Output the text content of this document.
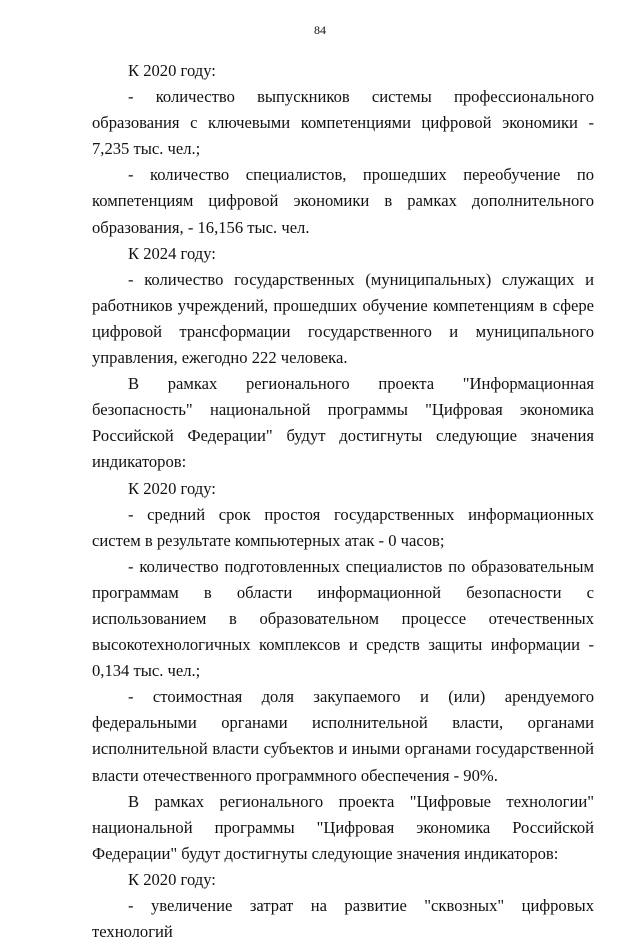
84

К 2020 году:

- количество выпускников системы профессионального образования с ключевыми компетенциями цифровой экономики - 7,235 тыс. чел.;

- количество специалистов, прошедших переобучение по компетенциям цифровой экономики в рамках дополнительного образования, - 16,156 тыс. чел.

К 2024 году:

- количество государственных (муниципальных) служащих и работников учреждений, прошедших обучение компетенциям в сфере цифровой трансформации государственного и муниципального управления, ежегодно 222 человека.

В рамках регионального проекта "Информационная безопасность" национальной программы "Цифровая экономика Российской Федерации" будут достигнуты следующие значения индикаторов:

К 2020 году:

- средний срок простоя государственных информационных систем в результате компьютерных атак - 0 часов;

- количество подготовленных специалистов по образовательным программам в области информационной безопасности с использованием в образовательном процессе отечественных высокотехнологичных комплексов и средств защиты информации - 0,134 тыс. чел.;

- стоимостная доля закупаемого и (или) арендуемого федеральными органами исполнительной власти, органами исполнительной власти субъектов и иными органами государственной власти отечественного программного обеспечения - 90%.

В рамках регионального проекта "Цифровые технологии" национальной программы "Цифровая экономика Российской Федерации" будут достигнуты следующие значения индикаторов:

К 2020 году:

- увеличение затрат на развитие "сквозных" цифровых технологий
